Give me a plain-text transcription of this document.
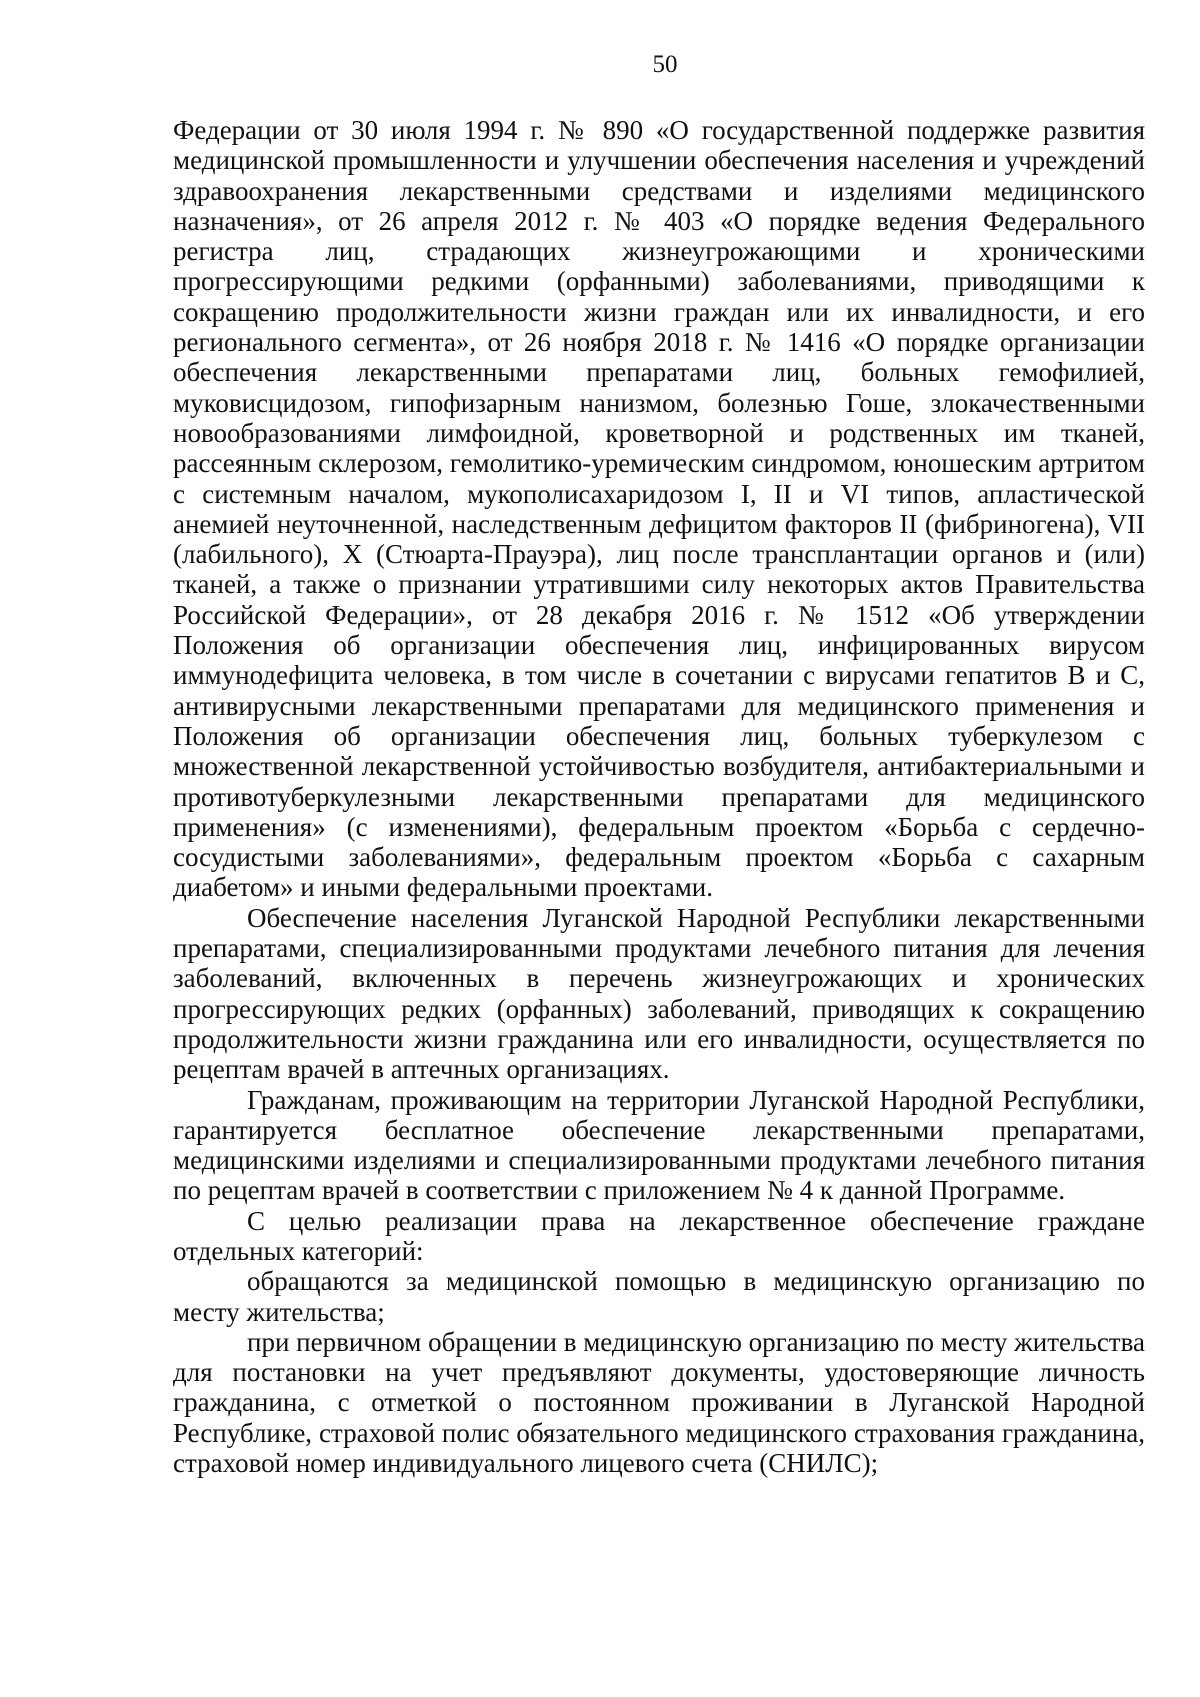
50

Федерации от 30 июля 1994 г. № 890 «О государственной поддержке развития медицинской промышленности и улучшении обеспечения населения и учреждений здравоохранения лекарственными средствами и изделиями медицинского назначения», от 26 апреля 2012 г. № 403 «О порядке ведения Федерального регистра лиц, страдающих жизнеугрожающими и хроническими прогрессирующими редкими (орфанными) заболеваниями, приводящими к сокращению продолжительности жизни граждан или их инвалидности, и его регионального сегмента», от 26 ноября 2018 г. № 1416 «О порядке организации обеспечения лекарственными препаратами лиц, больных гемофилией, муковисцидозом, гипофизарным нанизмом, болезнью Гоше, злокачественными новообразованиями лимфоидной, кроветворной и родственных им тканей, рассеянным склерозом, гемолитико-уремическим синдромом, юношеским артритом с системным началом, мукополисахаридозом I, II и VI типов, апластической анемией неуточненной, наследственным дефицитом факторов II (фибриногена), VII (лабильного), X (Стюарта-Прауэра), лиц после трансплантации органов и (или) тканей, а также о признании утратившими силу некоторых актов Правительства Российской Федерации», от 28 декабря 2016 г. № 1512 «Об утверждении Положения об организации обеспечения лиц, инфицированных вирусом иммунодефицита человека, в том числе в сочетании с вирусами гепатитов B и C, антивирусными лекарственными препаратами для медицинского применения и Положения об организации обеспечения лиц, больных туберкулезом с множественной лекарственной устойчивостью возбудителя, антибактериальными и противотуберкулезными лекарственными препаратами для медицинского применения» (с изменениями), федеральным проектом «Борьба с сердечно-сосудистыми заболеваниями», федеральным проектом «Борьба с сахарным диабетом» и иными федеральными проектами.

Обеспечение населения Луганской Народной Республики лекарственными препаратами, специализированными продуктами лечебного питания для лечения заболеваний, включенных в перечень жизнеугрожающих и хронических прогрессирующих редких (орфанных) заболеваний, приводящих к сокращению продолжительности жизни гражданина или его инвалидности, осуществляется по рецептам врачей в аптечных организациях.

Гражданам, проживающим на территории Луганской Народной Республики, гарантируется бесплатное обеспечение лекарственными препаратами, медицинскими изделиями и специализированными продуктами лечебного питания по рецептам врачей в соответствии с приложением № 4 к данной Программе.

С целью реализации права на лекарственное обеспечение граждане отдельных категорий:

обращаются за медицинской помощью в медицинскую организацию по месту жительства;

при первичном обращении в медицинскую организацию по месту жительства для постановки на учет предъявляют документы, удостоверяющие личность гражданина, с отметкой о постоянном проживании в Луганской Народной Республике, страховой полис обязательного медицинского страхования гражданина, страховой номер индивидуального лицевого счета (СНИЛС);
